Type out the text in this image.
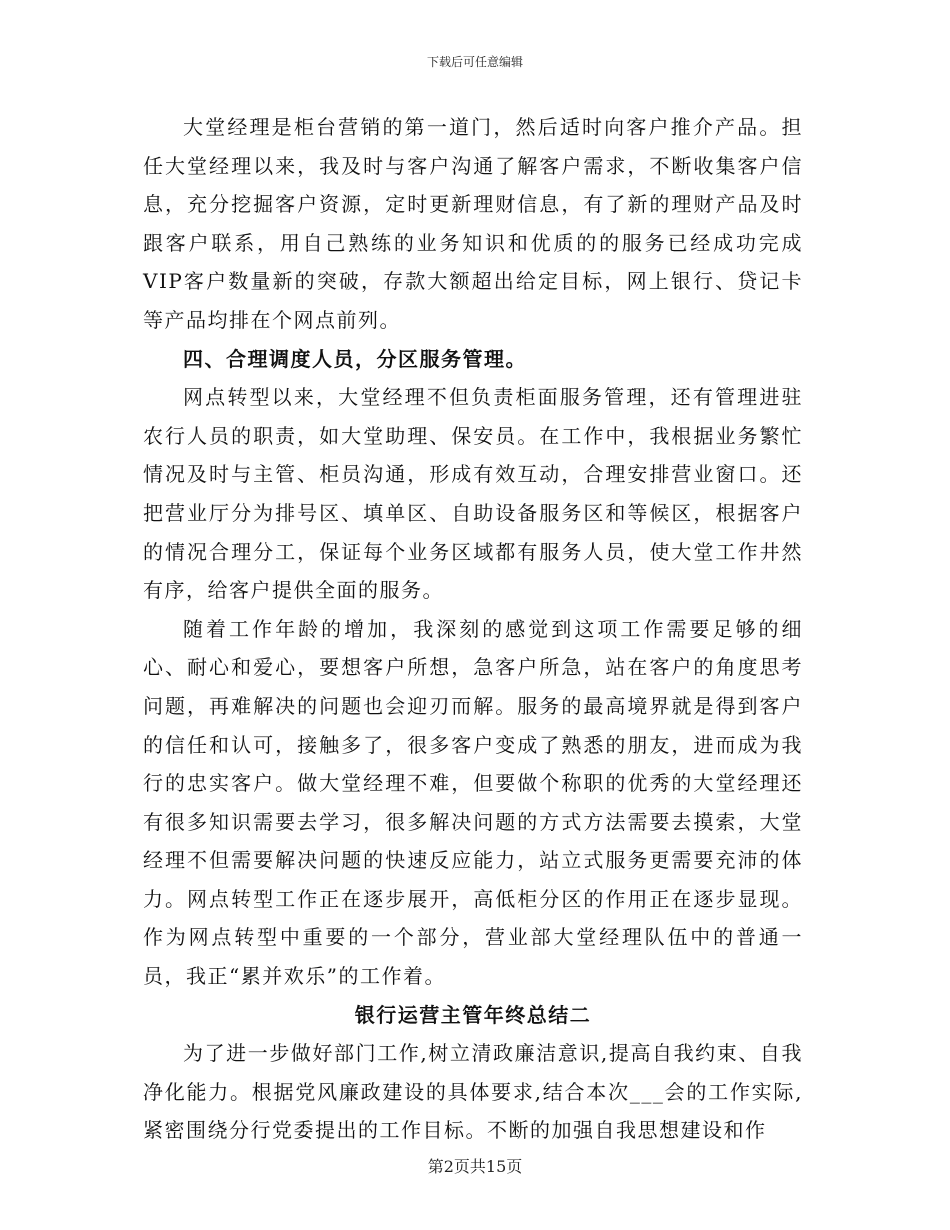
下载后可任意编辑

大堂经理是柜台营销的第一道门，然后适时向客户推介产品。担任大堂经理以来，我及时与客户沟通了解客户需求，不断收集客户信息，充分挖掘客户资源，定时更新理财信息，有了新的理财产品及时跟客户联系，用自己熟练的业务知识和优质的的服务已经成功完成VIP客户数量新的突破，存款大额超出给定目标，网上银行、贷记卡等产品均排在个网点前列。

四、合理调度人员，分区服务管理。

网点转型以来，大堂经理不但负责柜面服务管理，还有管理进驻农行人员的职责，如大堂助理、保安员。在工作中，我根据业务繁忙情况及时与主管、柜员沟通，形成有效互动，合理安排营业窗口。还把营业厅分为排号区、填单区、自助设备服务区和等候区，根据客户的情况合理分工，保证每个业务区域都有服务人员，使大堂工作井然有序，给客户提供全面的服务。

随着工作年龄的增加，我深刻的感觉到这项工作需要足够的细心、耐心和爱心，要想客户所想，急客户所急，站在客户的角度思考问题，再难解决的问题也会迎刃而解。服务的最高境界就是得到客户的信任和认可，接触多了，很多客户变成了熟悉的朋友，进而成为我行的忠实客户。做大堂经理不难，但要做个称职的优秀的大堂经理还有很多知识需要去学习，很多解决问题的方式方法需要去摸索，大堂经理不但需要解决问题的快速反应能力，站立式服务更需要充沛的体力。网点转型工作正在逐步展开，高低柜分区的作用正在逐步显现。作为网点转型中重要的一个部分，营业部大堂经理队伍中的普通一员，我正“累并欢乐”的工作着。

银行运营主管年终总结二

为了进一步做好部门工作,树立清政廉洁意识,提高自我约束、自我净化能力。根据党风廉政建设的具体要求,结合本次___会的工作实际,紧密围绕分行党委提出的工作目标。不断的加强自我思想建设和作

第2页共15页
